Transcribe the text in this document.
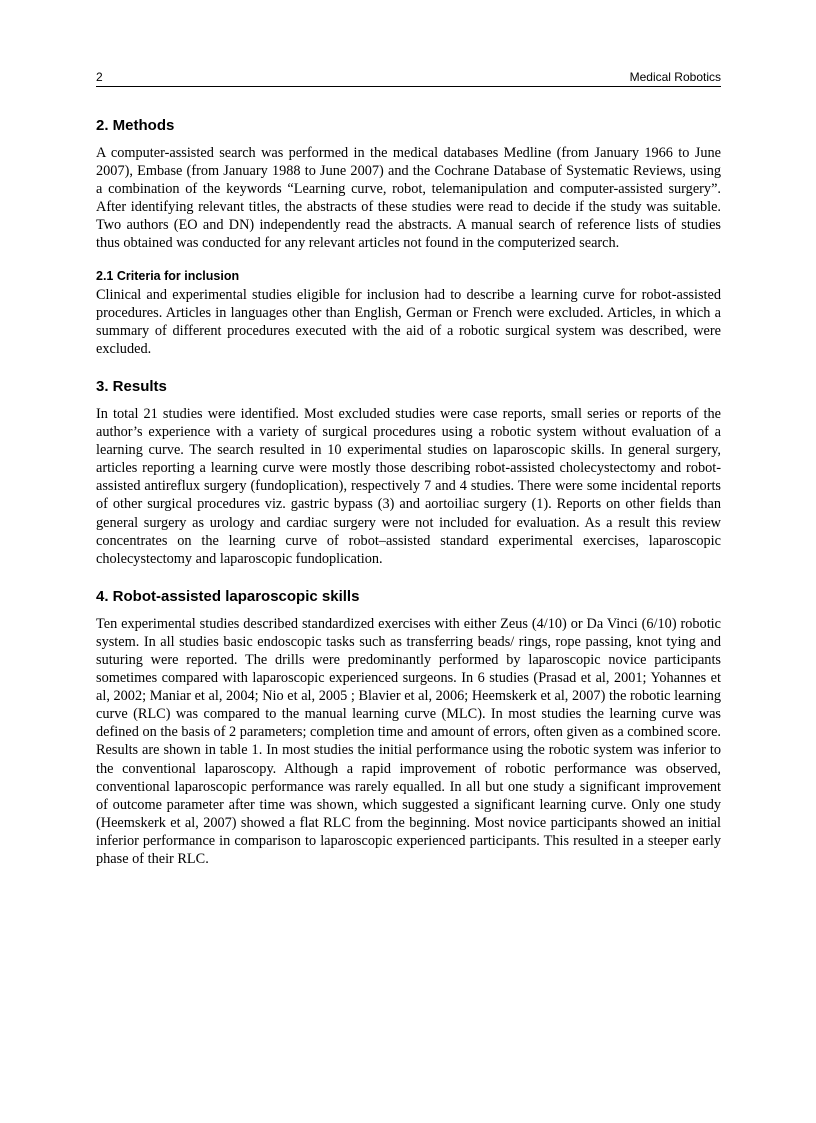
2	Medical Robotics
2. Methods

A computer-assisted search was performed in the medical databases Medline (from January 1966 to June 2007), Embase (from January 1988 to June 2007) and the Cochrane Database of Systematic Reviews, using a combination of the keywords “Learning curve, robot, telemanipulation and computer-assisted surgery”. After identifying relevant titles, the abstracts of these studies were read to decide if the study was suitable. Two authors (EO and DN) independently read the abstracts. A manual search of reference lists of studies thus obtained was conducted for any relevant articles not found in the computerized search.

2.1 Criteria for inclusion

Clinical and experimental studies eligible for inclusion had to describe a learning curve for robot-assisted procedures. Articles in languages other than English, German or French were excluded. Articles, in which a summary of different procedures executed with the aid of a robotic surgical system was described, were excluded.

3. Results

In total 21 studies were identified. Most excluded studies were case reports, small series or reports of the author’s experience with a variety of surgical procedures using a robotic system without evaluation of a learning curve. The search resulted in 10 experimental studies on laparoscopic skills. In general surgery, articles reporting a learning curve were mostly those describing robot-assisted cholecystectomy and robot-assisted antireflux surgery (fundoplication), respectively 7 and 4 studies. There were some incidental reports of other surgical procedures viz. gastric bypass (3) and aortoiliac surgery (1). Reports on other fields than general surgery as urology and cardiac surgery were not included for evaluation. As a result this review concentrates on the learning curve of robot–assisted standard experimental exercises, laparoscopic cholecystectomy and laparoscopic fundoplication.

4. Robot-assisted laparoscopic skills

Ten experimental studies described standardized exercises with either Zeus (4/10) or Da Vinci (6/10) robotic system. In all studies basic endoscopic tasks such as transferring beads/ rings, rope passing, knot tying and suturing were reported. The drills were predominantly performed by laparoscopic novice participants sometimes compared with laparoscopic experienced surgeons. In 6 studies (Prasad et al, 2001; Yohannes et al, 2002; Maniar et al, 2004; Nio et al, 2005 ; Blavier et al, 2006; Heemskerk et al, 2007) the robotic learning curve (RLC) was compared to the manual learning curve (MLC). In most studies the learning curve was defined on the basis of 2 parameters; completion time and amount of errors, often given as a combined score. Results are shown in table 1. In most studies the initial performance using the robotic system was inferior to the conventional laparoscopy. Although a rapid improvement of robotic performance was observed, conventional laparoscopic performance was rarely equalled. In all but one study a significant improvement of outcome parameter after time was shown, which suggested a significant learning curve. Only one study (Heemskerk et al, 2007) showed a flat RLC from the beginning. Most novice participants showed an initial inferior performance in comparison to laparoscopic experienced participants. This resulted in a steeper early phase of their RLC.
